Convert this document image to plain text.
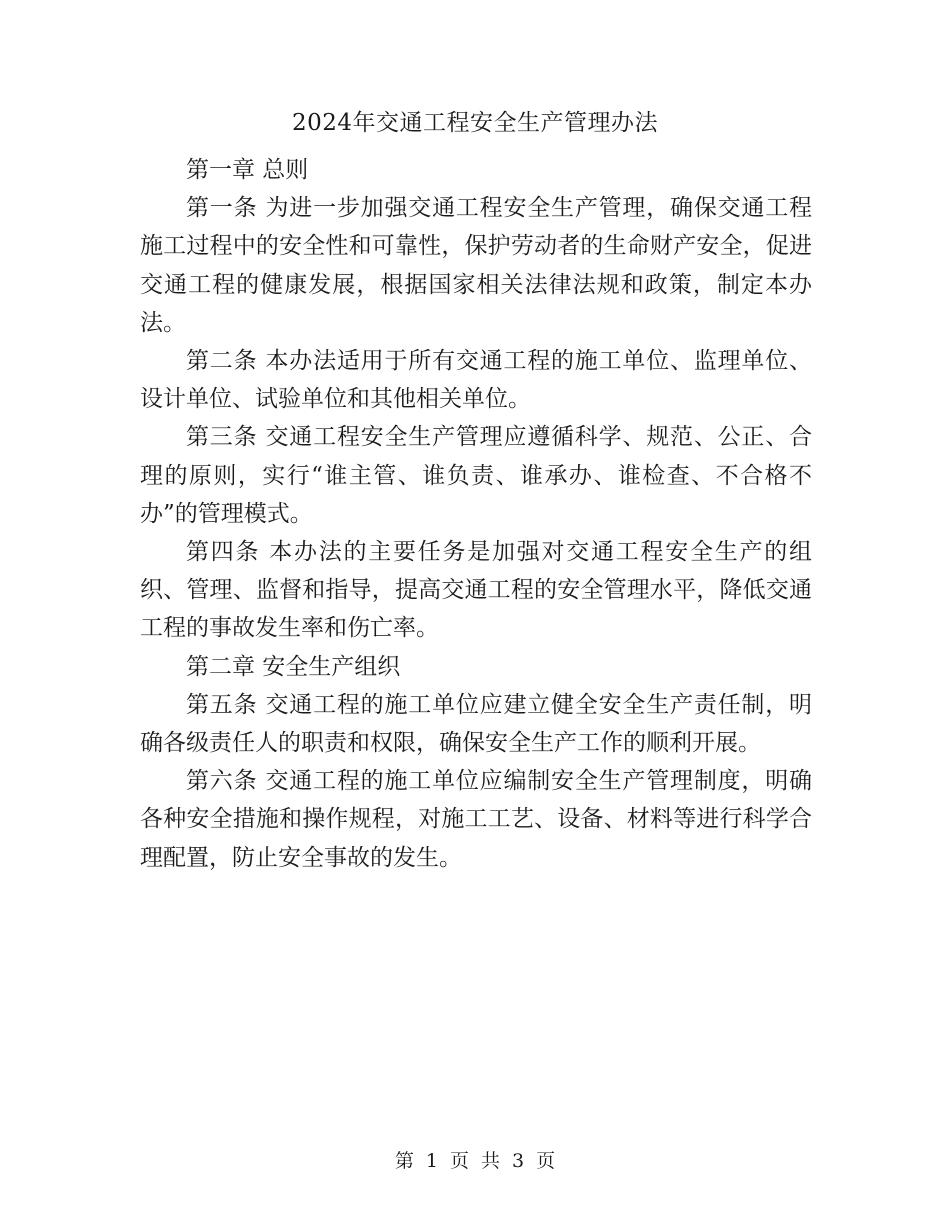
2024年交通工程安全生产管理办法

第一章 总则

第一条 为进一步加强交通工程安全生产管理，确保交通工程施工过程中的安全性和可靠性，保护劳动者的生命财产安全，促进交通工程的健康发展，根据国家相关法律法规和政策，制定本办法。

第二条 本办法适用于所有交通工程的施工单位、监理单位、设计单位、试验单位和其他相关单位。

第三条 交通工程安全生产管理应遵循科学、规范、公正、合理的原则，实行“谁主管、谁负责、谁承办、谁检查、不合格不办”的管理模式。

第四条 本办法的主要任务是加强对交通工程安全生产的组织、管理、监督和指导，提高交通工程的安全管理水平，降低交通工程的事故发生率和伤亡率。

第二章 安全生产组织

第五条 交通工程的施工单位应建立健全安全生产责任制，明确各级责任人的职责和权限，确保安全生产工作的顺利开展。

第六条 交通工程的施工单位应编制安全生产管理制度，明确各种安全措施和操作规程，对施工工艺、设备、材料等进行科学合理配置，防止安全事故的发生。

第 1 页 共 3 页
